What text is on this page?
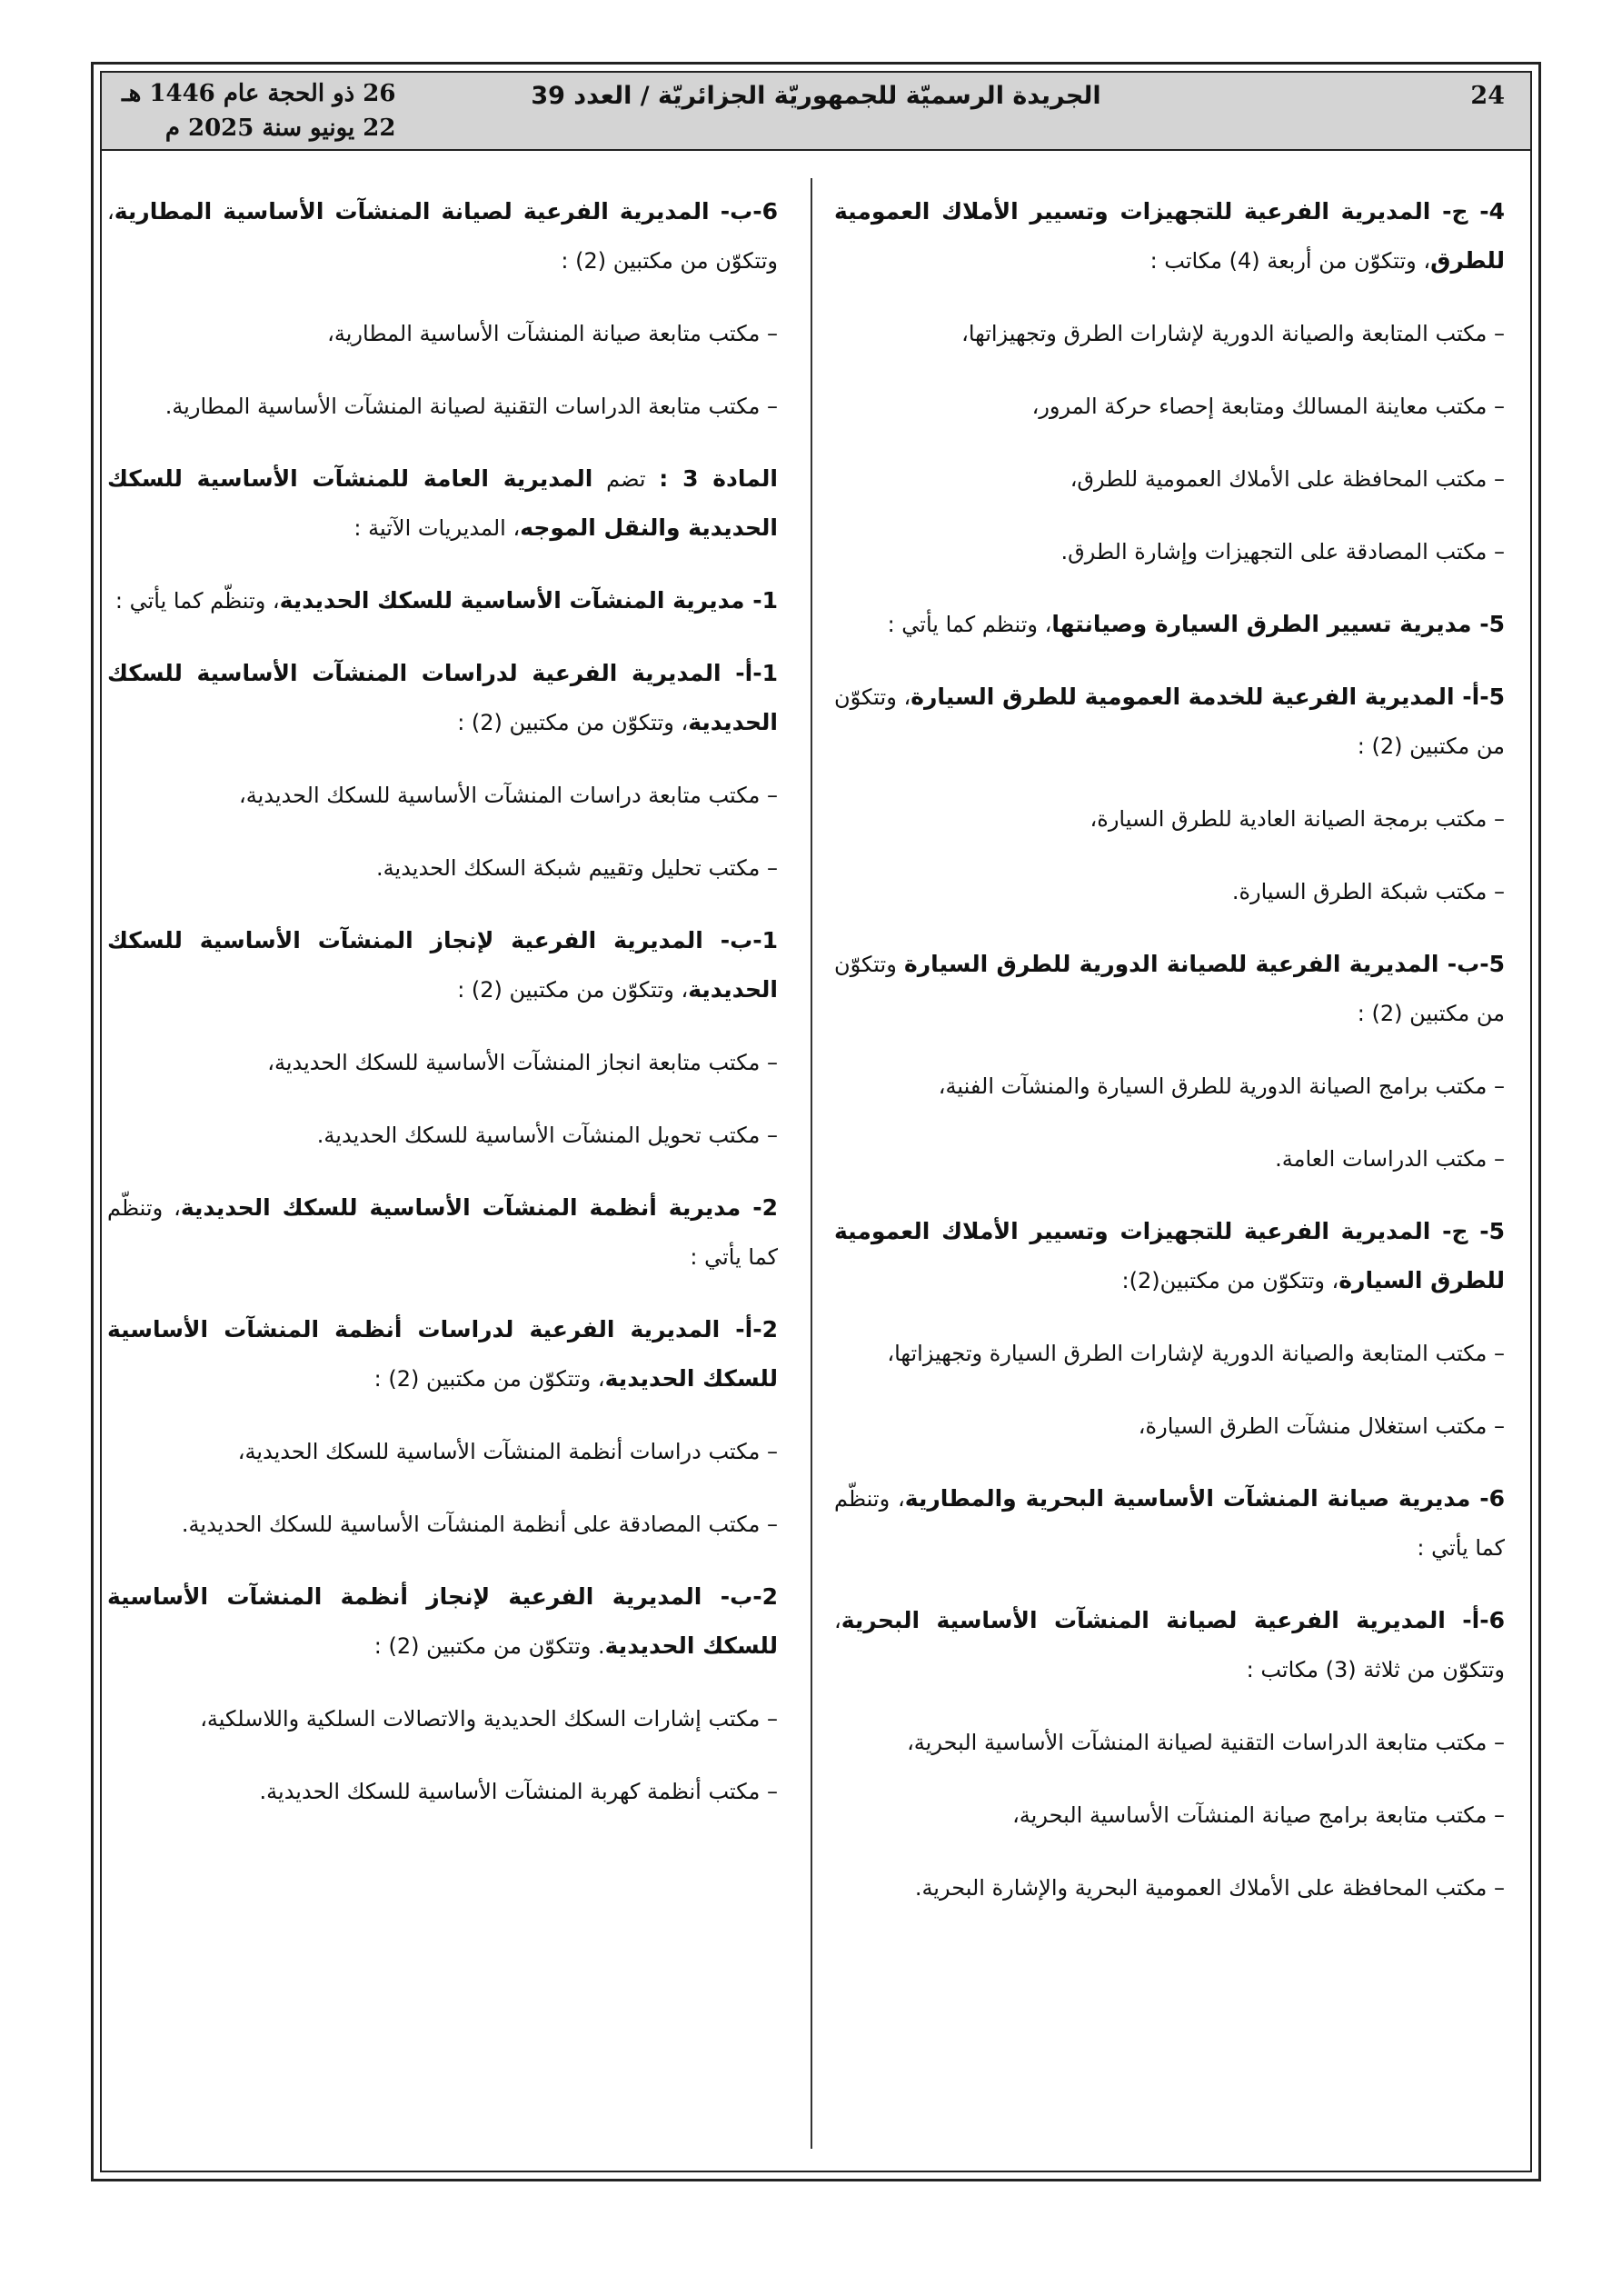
24
الجريدة الرسميّة للجمهوريّة الجزائريّة / العدد 39
26 ذو الحجة عام 1446 هـ
22 يونيو سنة 2025 م

4- ج- المديرية الفرعية للتجهيزات وتسيير الأملاك العمومية للطرق، وتتكوّن من أربعة (4) مكاتب :

– مكتب المتابعة والصيانة الدورية لإشارات الطرق وتجهيزاتها،

– مكتب معاينة المسالك ومتابعة إحصاء حركة المرور،

– مكتب المحافظة على الأملاك العمومية للطرق،

– مكتب المصادقة على التجهيزات وإشارة الطرق.

5- مديرية تسيير الطرق السيارة وصيانتها، وتنظم كما يأتي :

5-أ- المديرية الفرعية للخدمة العمومية للطرق السيارة، وتتكوّن من مكتبين (2) :

– مكتب برمجة الصيانة العادية للطرق السيارة،

– مكتب شبكة الطرق السيارة.

5-ب- المديرية الفرعية للصيانة الدورية للطرق السيارة وتتكوّن من مكتبين (2) :

– مكتب برامج الصيانة الدورية للطرق السيارة والمنشآت الفنية،

– مكتب الدراسات العامة.

5- ج- المديرية الفرعية للتجهيزات وتسيير الأملاك العمومية للطرق السيارة، وتتكوّن من مكتبين(2):

– مكتب المتابعة والصيانة الدورية لإشارات الطرق السيارة وتجهيزاتها،

– مكتب استغلال منشآت الطرق السيارة،

6- مديرية صيانة المنشآت الأساسية البحرية والمطارية، وتنظّم كما يأتي :

6-أ- المديرية الفرعية لصيانة المنشآت الأساسية البحرية، وتتكوّن من ثلاثة (3) مكاتب :

– مكتب متابعة الدراسات التقنية لصيانة المنشآت الأساسية البحرية،

– مكتب متابعة برامج صيانة المنشآت الأساسية البحرية،

– مكتب المحافظة على الأملاك العمومية البحرية والإشارة البحرية.

6-ب- المديرية الفرعية لصيانة المنشآت الأساسية المطارية، وتتكوّن من مكتبين (2) :

– مكتب متابعة صيانة المنشآت الأساسية المطارية،

– مكتب متابعة الدراسات التقنية لصيانة المنشآت الأساسية المطارية.

المادة 3 : تضم المديرية العامة للمنشآت الأساسية للسكك الحديدية والنقل الموجه، المديريات الآتية :

1- مديرية المنشآت الأساسية للسكك الحديدية، وتنظّم كما يأتي :

1-أ- المديرية الفرعية لدراسات المنشآت الأساسية للسكك الحديدية، وتتكوّن من مكتبين (2) :

– مكتب متابعة دراسات المنشآت الأساسية للسكك الحديدية،

– مكتب تحليل وتقييم شبكة السكك الحديدية.

1-ب- المديرية الفرعية لإنجاز المنشآت الأساسية للسكك الحديدية، وتتكوّن من مكتبين (2) :

– مكتب متابعة انجاز المنشآت الأساسية للسكك الحديدية،

– مكتب تحويل المنشآت الأساسية للسكك الحديدية.

2- مديرية أنظمة المنشآت الأساسية للسكك الحديدية، وتنظّم كما يأتي :

2-أ- المديرية الفرعية لدراسات أنظمة المنشآت الأساسية للسكك الحديدية، وتتكوّن من مكتبين (2) :

– مكتب دراسات أنظمة المنشآت الأساسية للسكك الحديدية،

– مكتب المصادقة على أنظمة المنشآت الأساسية للسكك الحديدية.

2-ب- المديرية الفرعية لإنجاز أنظمة المنشآت الأساسية للسكك الحديدية. وتتكوّن من مكتبين (2) :

– مكتب إشارات السكك الحديدية والاتصالات السلكية واللاسلكية،

– مكتب أنظمة كهربة المنشآت الأساسية للسكك الحديدية.
